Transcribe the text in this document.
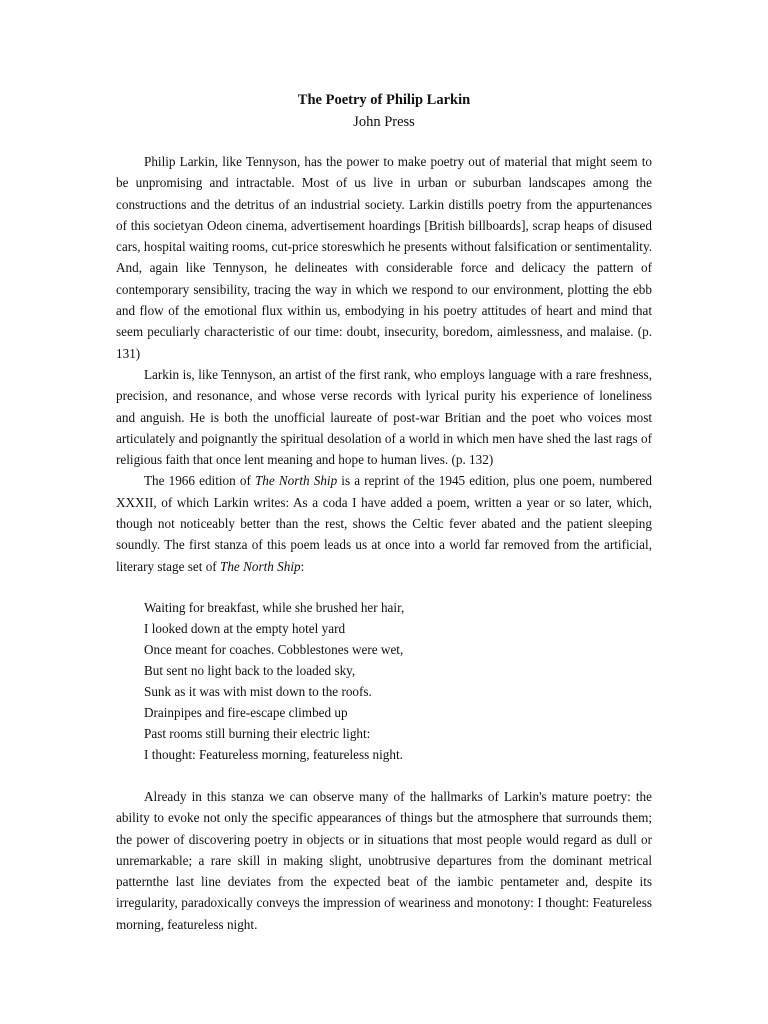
The Poetry of Philip Larkin
John Press

Philip Larkin, like Tennyson, has the power to make poetry out of material that might seem to be unpromising and intractable. Most of us live in urban or suburban landscapes among the constructions and the detritus of an industrial society. Larkin distills poetry from the appurtenances of this societyan Odeon cinema, advertisement hoardings [British billboards], scrap heaps of disused cars, hospital waiting rooms, cut-price storeswhich he presents without falsification or sentimentality. And, again like Tennyson, he delineates with considerable force and delicacy the pattern of contemporary sensibility, tracing the way in which we respond to our environment, plotting the ebb and flow of the emotional flux within us, embodying in his poetry attitudes of heart and mind that seem peculiarly characteristic of our time: doubt, insecurity, boredom, aimlessness, and malaise. (p. 131)

Larkin is, like Tennyson, an artist of the first rank, who employs language with a rare freshness, precision, and resonance, and whose verse records with lyrical purity his experience of loneliness and anguish. He is both the unofficial laureate of post-war Britian and the poet who voices most articulately and poignantly the spiritual desolation of a world in which men have shed the last rags of religious faith that once lent meaning and hope to human lives. (p. 132)

The 1966 edition of The North Ship is a reprint of the 1945 edition, plus one poem, numbered XXXII, of which Larkin writes: As a coda I have added a poem, written a year or so later, which, though not noticeably better than the rest, shows the Celtic fever abated and the patient sleeping soundly. The first stanza of this poem leads us at once into a world far removed from the artificial, literary stage set of The North Ship:

Waiting for breakfast, while she brushed her hair,
I looked down at the empty hotel yard
Once meant for coaches. Cobblestones were wet,
But sent no light back to the loaded sky,
Sunk as it was with mist down to the roofs.
Drainpipes and fire-escape climbed up
Past rooms still burning their electric light:
I thought: Featureless morning, featureless night.

Already in this stanza we can observe many of the hallmarks of Larkin's mature poetry: the ability to evoke not only the specific appearances of things but the atmosphere that surrounds them; the power of discovering poetry in objects or in situations that most people would regard as dull or unremarkable; a rare skill in making slight, unobtrusive departures from the dominant metrical patternthe last line deviates from the expected beat of the iambic pentameter and, despite its irregularity, paradoxically conveys the impression of weariness and monotony: I thought: Featureless morning, featureless night.
